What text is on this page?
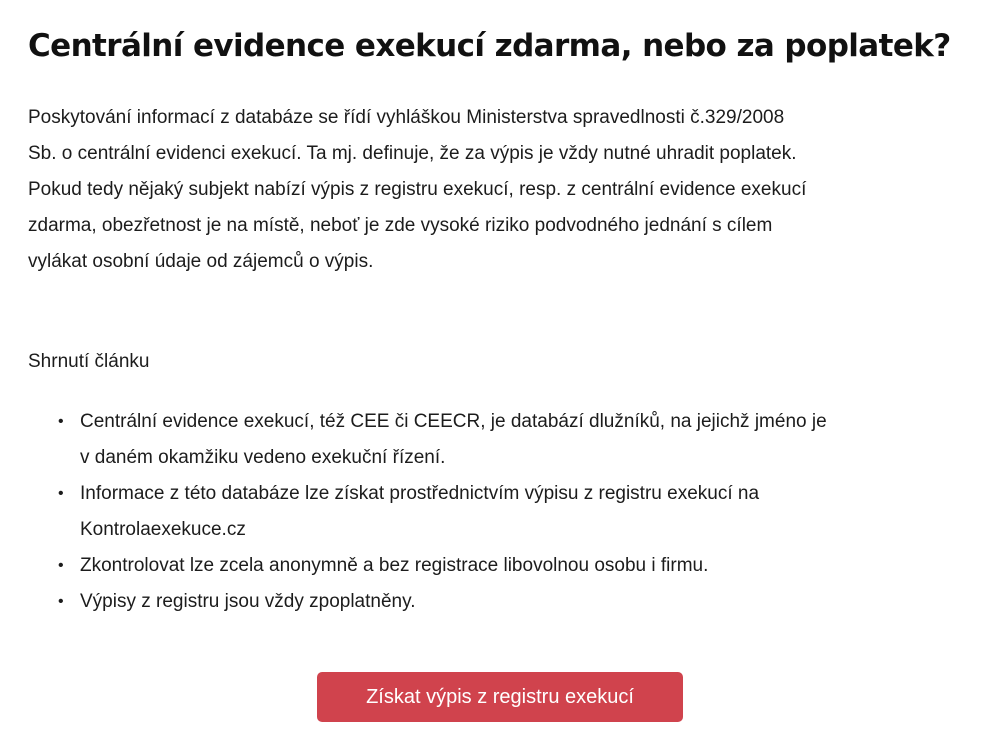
Centrální evidence exekucí zdarma, nebo za poplatek?

Poskytování informací z databáze se řídí vyhláškou Ministerstva spravedlnosti č.329/2008
Sb. o centrální evidenci exekucí. Ta mj. definuje, že za výpis je vždy nutné uhradit poplatek.
Pokud tedy nějaký subjekt nabízí výpis z registru exekucí, resp. z centrální evidence exekucí
zdarma, obezřetnost je na místě, neboť je zde vysoké riziko podvodného jednání s cílem
vylákat osobní údaje od zájemců o výpis.

Shrnutí článku

• Centrální evidence exekucí, též CEE či CEECR, je databází dlužníků, na jejichž jméno je
v daném okamžiku vedeno exekuční řízení.
• Informace z této databáze lze získat prostřednictvím výpisu z registru exekucí na
Kontrolaexekuce.cz
• Zkontrolovat lze zcela anonymně a bez registrace libovolnou osobu i firmu.
• Výpisy z registru jsou vždy zpoplatněny.
Získat výpis z registru exekucí
